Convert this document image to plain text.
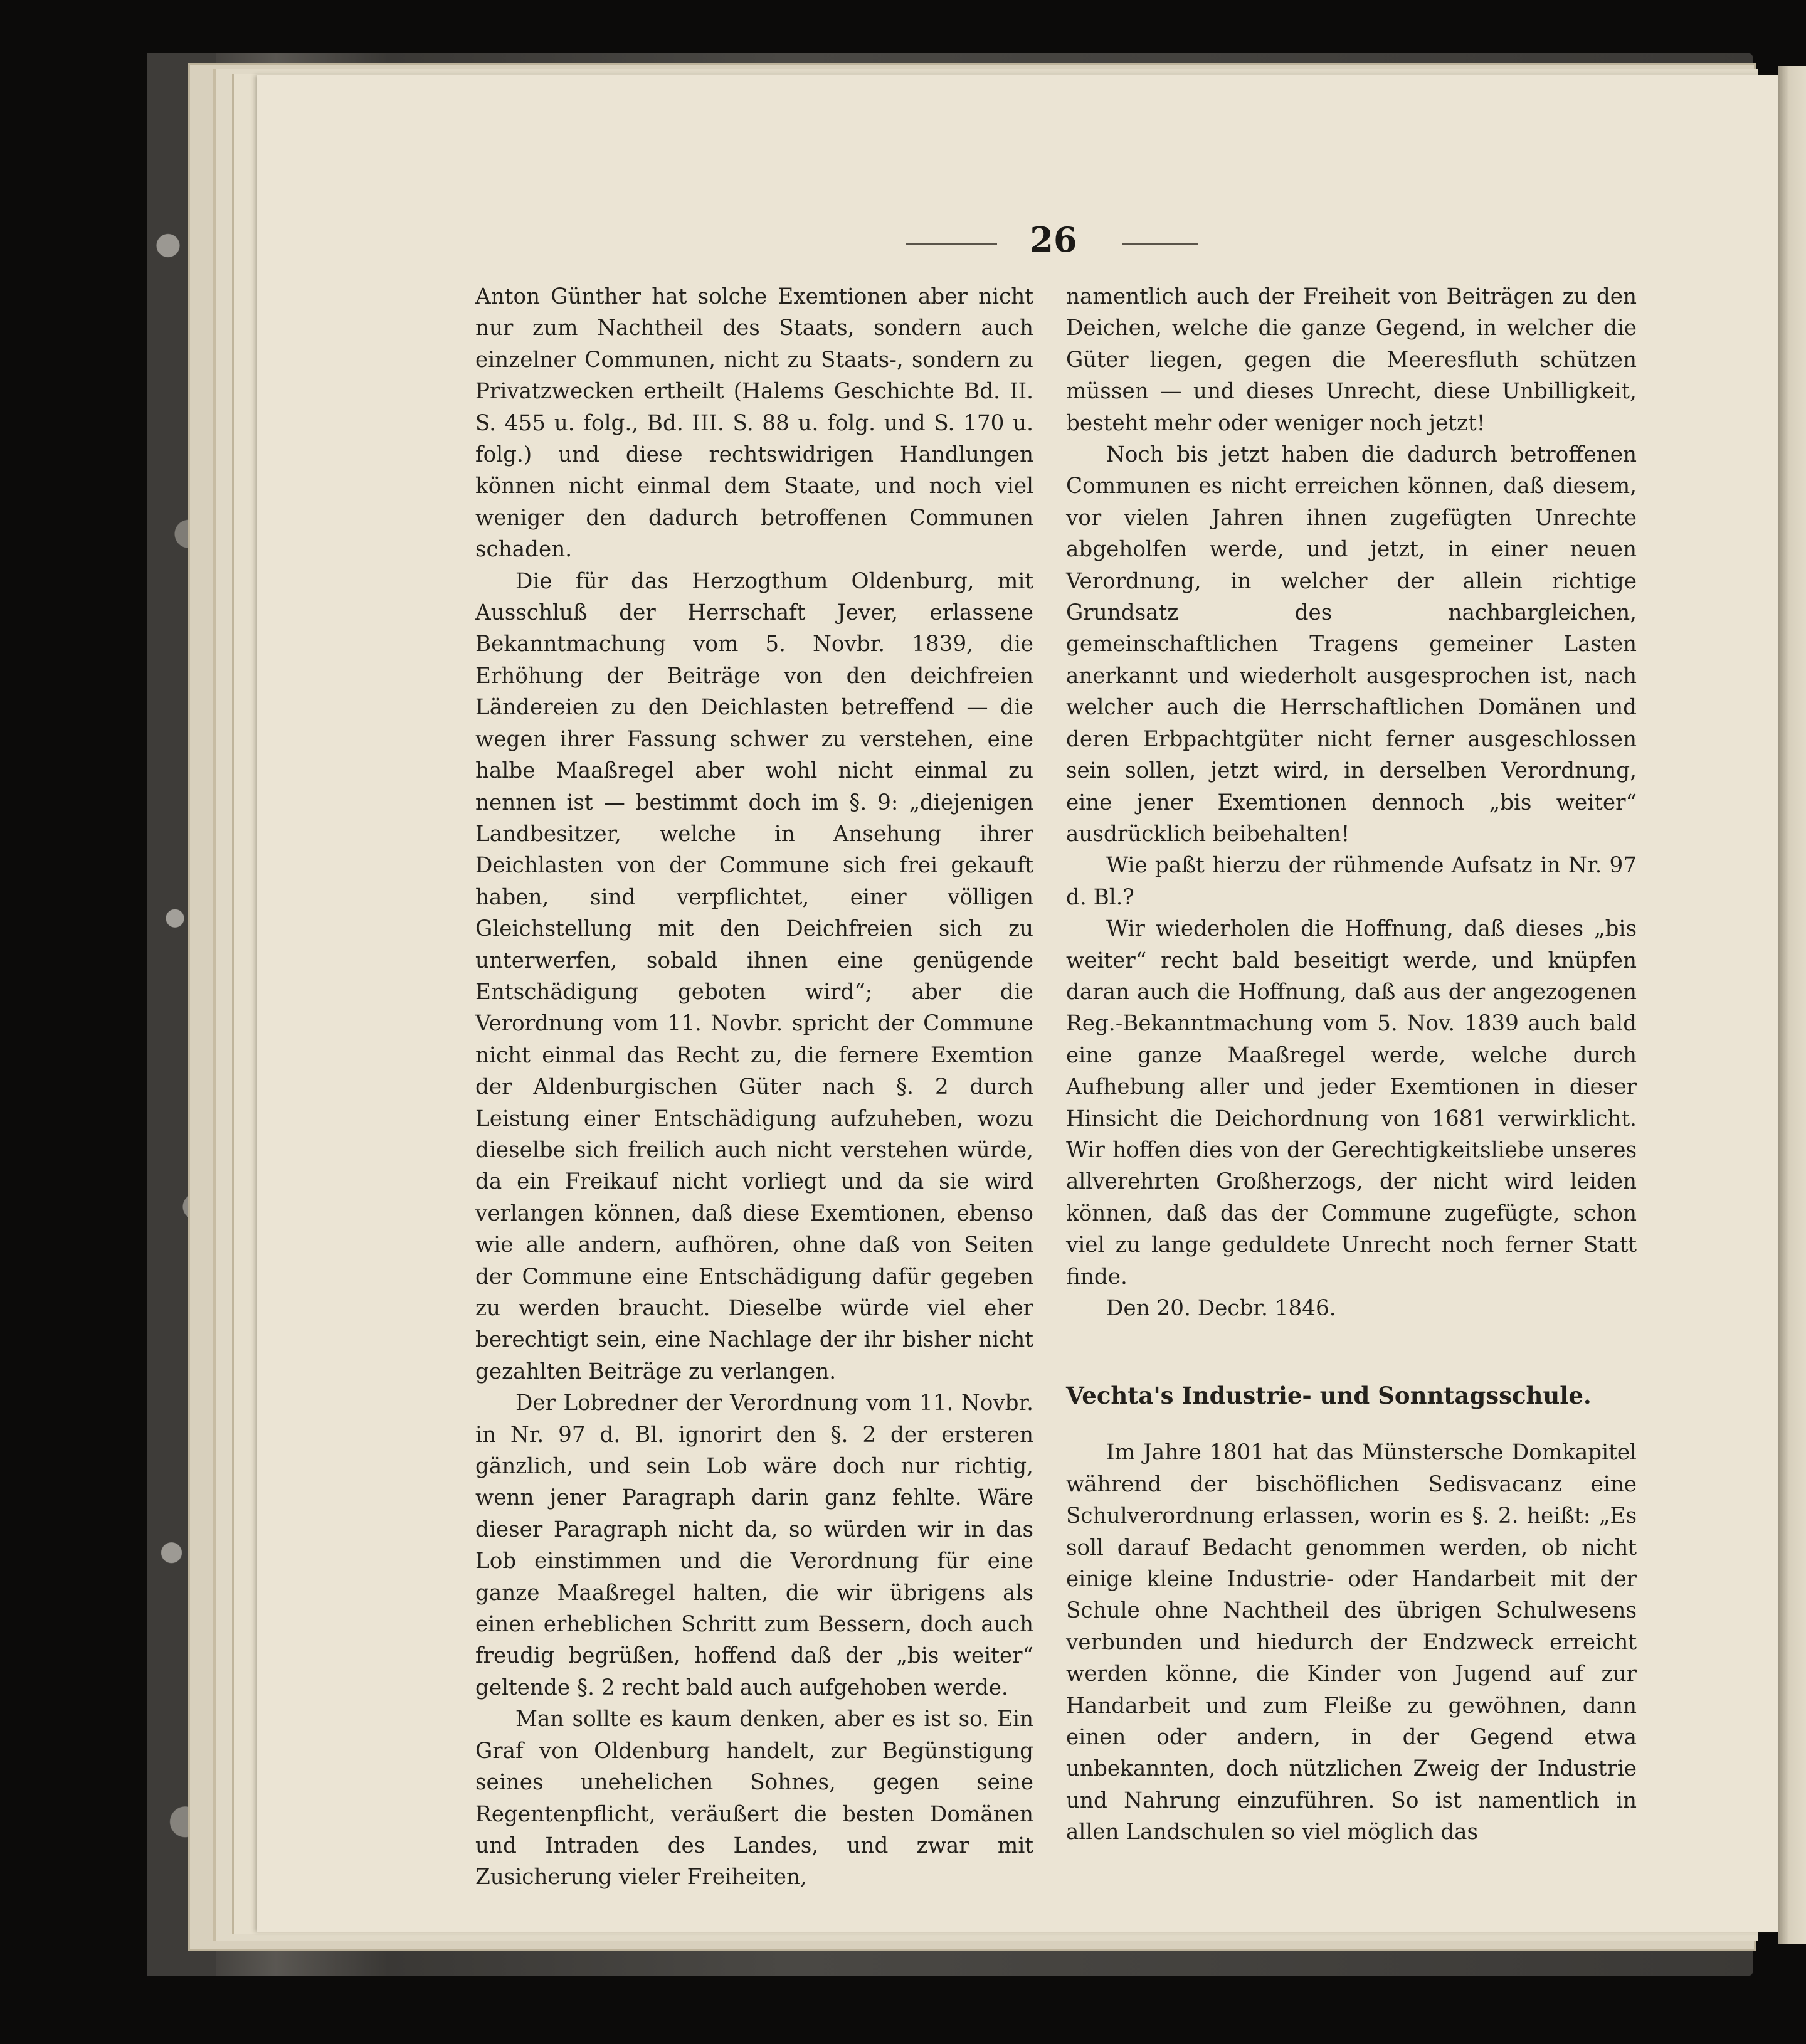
26

Anton Günther hat solche Exemtionen aber nicht nur zum Nachtheil des Staats, sondern auch einzelner Communen, nicht zu Staats-, sondern zu Privatzwecken ertheilt (Halems Geschichte Bd. II. S. 455 u. folg., Bd. III. S. 88 u. folg. und S. 170 u. folg.) und diese rechtswidrigen Handlungen können nicht einmal dem Staate, und noch viel weniger den dadurch betroffenen Communen schaden.

Die für das Herzogthum Oldenburg, mit Ausschluß der Herrschaft Jever, erlassene Bekanntmachung vom 5. Novbr. 1839, die Erhöhung der Beiträge von den deichfreien Ländereien zu den Deichlasten betreffend — die wegen ihrer Fassung schwer zu verstehen, eine halbe Maaßregel aber wohl nicht einmal zu nennen ist — bestimmt doch im §. 9: „diejenigen Landbesitzer, welche in Ansehung ihrer Deichlasten von der Commune sich frei gekauft haben, sind verpflichtet, einer völligen Gleichstellung mit den Deichfreien sich zu unterwerfen, sobald ihnen eine genügende Entschädigung geboten wird“; aber die Verordnung vom 11. Novbr. spricht der Commune nicht einmal das Recht zu, die fernere Exemtion der Aldenburgischen Güter nach §. 2 durch Leistung einer Entschädigung aufzuheben, wozu dieselbe sich freilich auch nicht verstehen würde, da ein Freikauf nicht vorliegt und da sie wird verlangen können, daß diese Exemtionen, ebenso wie alle andern, aufhören, ohne daß von Seiten der Commune eine Entschädigung dafür gegeben zu werden braucht. Dieselbe würde viel eher berechtigt sein, eine Nachlage der ihr bisher nicht gezahlten Beiträge zu verlangen.

Der Lobredner der Verordnung vom 11. Novbr. in Nr. 97 d. Bl. ignorirt den §. 2 der ersteren gänzlich, und sein Lob wäre doch nur richtig, wenn jener Paragraph darin ganz fehlte. Wäre dieser Paragraph nicht da, so würden wir in das Lob einstimmen und die Verordnung für eine ganze Maaßregel halten, die wir übrigens als einen erheblichen Schritt zum Bessern, doch auch freudig begrüßen, hoffend daß der „bis weiter“ geltende §. 2 recht bald auch aufgehoben werde.

Man sollte es kaum denken, aber es ist so. Ein Graf von Oldenburg handelt, zur Begünstigung seines unehelichen Sohnes, gegen seine Regentenpflicht, veräußert die besten Domänen und Intraden des Landes, und zwar mit Zusicherung vieler Freiheiten,

namentlich auch der Freiheit von Beiträgen zu den Deichen, welche die ganze Gegend, in welcher die Güter liegen, gegen die Meeresfluth schützen müssen — und dieses Unrecht, diese Unbilligkeit, besteht mehr oder weniger noch jetzt!

Noch bis jetzt haben die dadurch betroffenen Communen es nicht erreichen können, daß diesem, vor vielen Jahren ihnen zugefügten Unrechte abgeholfen werde, und jetzt, in einer neuen Verordnung, in welcher der allein richtige Grundsatz des nachbargleichen, gemeinschaftlichen Tragens gemeiner Lasten anerkannt und wiederholt ausgesprochen ist, nach welcher auch die Herrschaftlichen Domänen und deren Erbpachtgüter nicht ferner ausgeschlossen sein sollen, jetzt wird, in derselben Verordnung, eine jener Exemtionen dennoch „bis weiter“ ausdrücklich beibehalten!

Wie paßt hierzu der rühmende Aufsatz in Nr. 97 d. Bl.?

Wir wiederholen die Hoffnung, daß dieses „bis weiter“ recht bald beseitigt werde, und knüpfen daran auch die Hoffnung, daß aus der angezogenen Reg.-Bekanntmachung vom 5. Nov. 1839 auch bald eine ganze Maaßregel werde, welche durch Aufhebung aller und jeder Exemtionen in dieser Hinsicht die Deichordnung von 1681 verwirklicht. Wir hoffen dies von der Gerechtigkeitsliebe unseres allverehrten Großherzogs, der nicht wird leiden können, daß das der Commune zugefügte, schon viel zu lange geduldete Unrecht noch ferner Statt finde.

Den 20. Decbr. 1846.

Vechta's Industrie- und Sonntagsschule.

Im Jahre 1801 hat das Münstersche Domkapitel während der bischöflichen Sedisvacanz eine Schulverordnung erlassen, worin es §. 2. heißt: „Es soll darauf Bedacht genommen werden, ob nicht einige kleine Industrie- oder Handarbeit mit der Schule ohne Nachtheil des übrigen Schulwesens verbunden und hiedurch der Endzweck erreicht werden könne, die Kinder von Jugend auf zur Handarbeit und zum Fleiße zu gewöhnen, dann einen oder andern, in der Gegend etwa unbekannten, doch nützlichen Zweig der Industrie und Nahrung einzuführen. So ist namentlich in allen Landschulen so viel möglich das
